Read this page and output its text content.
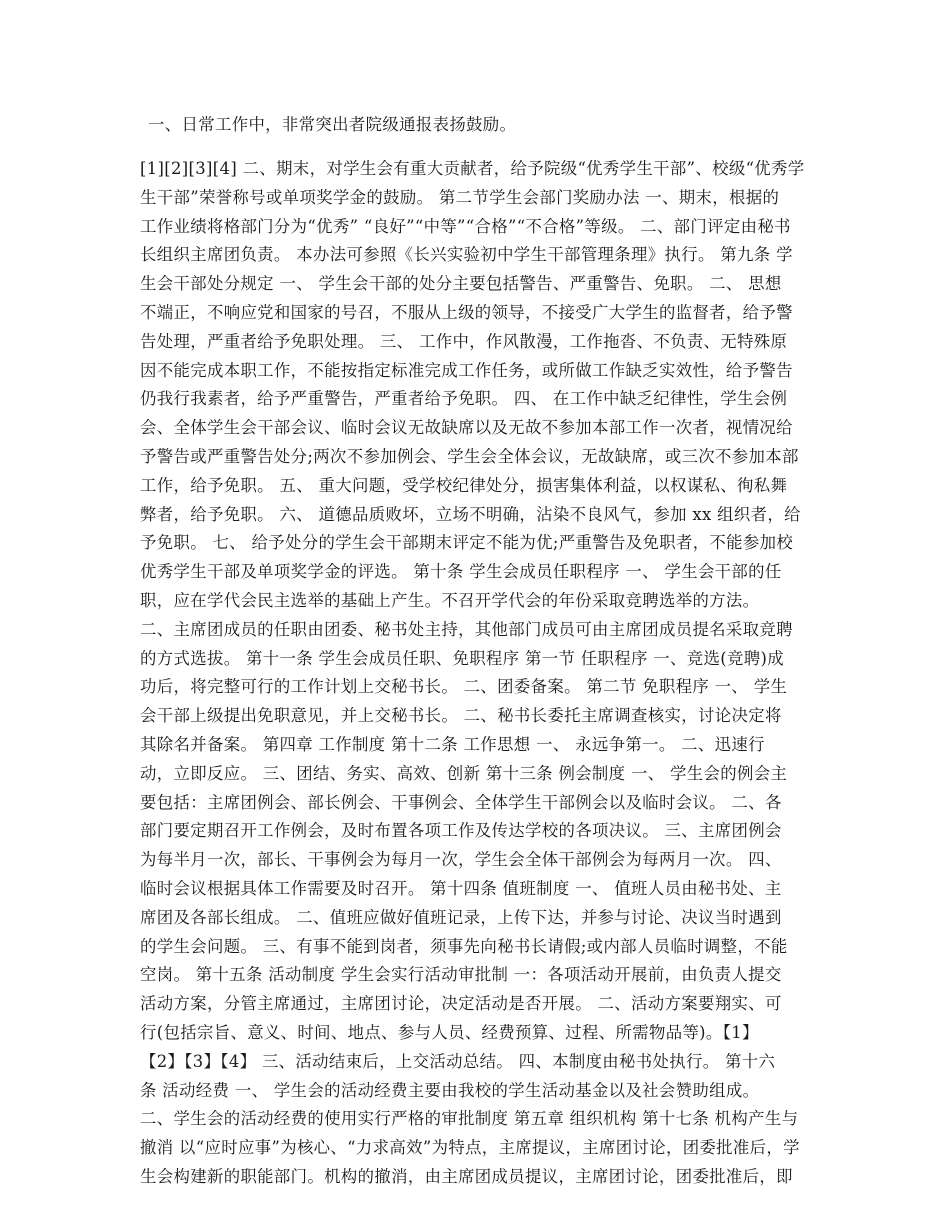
一、日常工作中，非常突出者院级通报表扬鼓励。

[1][2][3][4] 二、期末，对学生会有重大贡献者，给予院级“优秀学生干部”、校级“优秀学
生干部”荣誉称号或单项奖学金的鼓励。 第二节学生会部门奖励办法 一、期末，根据的
工作业绩将格部门分为“优秀” “良好”“中等”“合格”“不合格”等级。 二、部门评定由秘书
长组织主席团负责。 本办法可参照《长兴实验初中学生干部管理条理》执行。 第九条 学
生会干部处分规定 一、 学生会干部的处分主要包括警告、严重警告、免职。 二、 思想
不端正，不响应党和国家的号召，不服从上级的领导，不接受广大学生的监督者，给予警
告处理，严重者给予免职处理。 三、 工作中，作风散漫，工作拖沓、不负责、无特殊原
因不能完成本职工作，不能按指定标准完成工作任务，或所做工作缺乏实效性，给予警告
仍我行我素者，给予严重警告，严重者给予免职。 四、 在工作中缺乏纪律性，学生会例
会、全体学生会干部会议、临时会议无故缺席以及无故不参加本部工作一次者，视情况给
予警告或严重警告处分;两次不参加例会、学生会全体会议，无故缺席，或三次不参加本部
工作，给予免职。 五、 重大问题，受学校纪律处分，损害集体利益，以权谋私、徇私舞
弊者，给予免职。 六、 道德品质败坏，立场不明确，沾染不良风气，参加 xx 组织者，给
予免职。 七、 给予处分的学生会干部期末评定不能为优;严重警告及免职者，不能参加校
优秀学生干部及单项奖学金的评选。 第十条 学生会成员任职程序 一、 学生会干部的任
职，应在学代会民主选举的基础上产生。不召开学代会的年份采取竞聘选举的方法。
二、主席团成员的任职由团委、秘书处主持，其他部门成员可由主席团成员提名采取竞聘
的方式选拔。 第十一条 学生会成员任职、免职程序 第一节 任职程序 一、竞选(竞聘)成
功后，将完整可行的工作计划上交秘书长。 二、团委备案。 第二节 免职程序 一、 学生
会干部上级提出免职意见，并上交秘书长。 二、秘书长委托主席调查核实，讨论决定将
其除名并备案。 第四章 工作制度 第十二条 工作思想 一、 永远争第一。 二、迅速行
动，立即反应。 三、团结、务实、高效、创新 第十三条 例会制度 一、 学生会的例会主
要包括：主席团例会、部长例会、干事例会、全体学生干部例会以及临时会议。 二、各
部门要定期召开工作例会，及时布置各项工作及传达学校的各项决议。 三、主席团例会
为每半月一次，部长、干事例会为每月一次，学生会全体干部例会为每两月一次。 四、
临时会议根据具体工作需要及时召开。 第十四条 值班制度 一、 值班人员由秘书处、主
席团及各部长组成。 二、值班应做好值班记录，上传下达，并参与讨论、决议当时遇到
的学生会问题。 三、有事不能到岗者，须事先向秘书长请假;或内部人员临时调整，不能
空岗。 第十五条 活动制度 学生会实行活动审批制 一：各项活动开展前，由负责人提交
活动方案，分管主席通过，主席团讨论，决定活动是否开展。 二、活动方案要翔实、可
行(包括宗旨、意义、时间、地点、参与人员、经费预算、过程、所需物品等)。【1】
【2】【3】【4】 三、活动结束后，上交活动总结。 四、本制度由秘书处执行。 第十六
条 活动经费 一、 学生会的活动经费主要由我校的学生活动基金以及社会赞助组成。
二、学生会的活动经费的使用实行严格的审批制度 第五章 组织机构 第十七条 机构产生与
撤消 以“应时应事”为核心、“力求高效”为特点，主席提议，主席团讨论，团委批准后，学
生会构建新的职能部门。机构的撤消，由主席团成员提议，主席团讨论，团委批准后，即
